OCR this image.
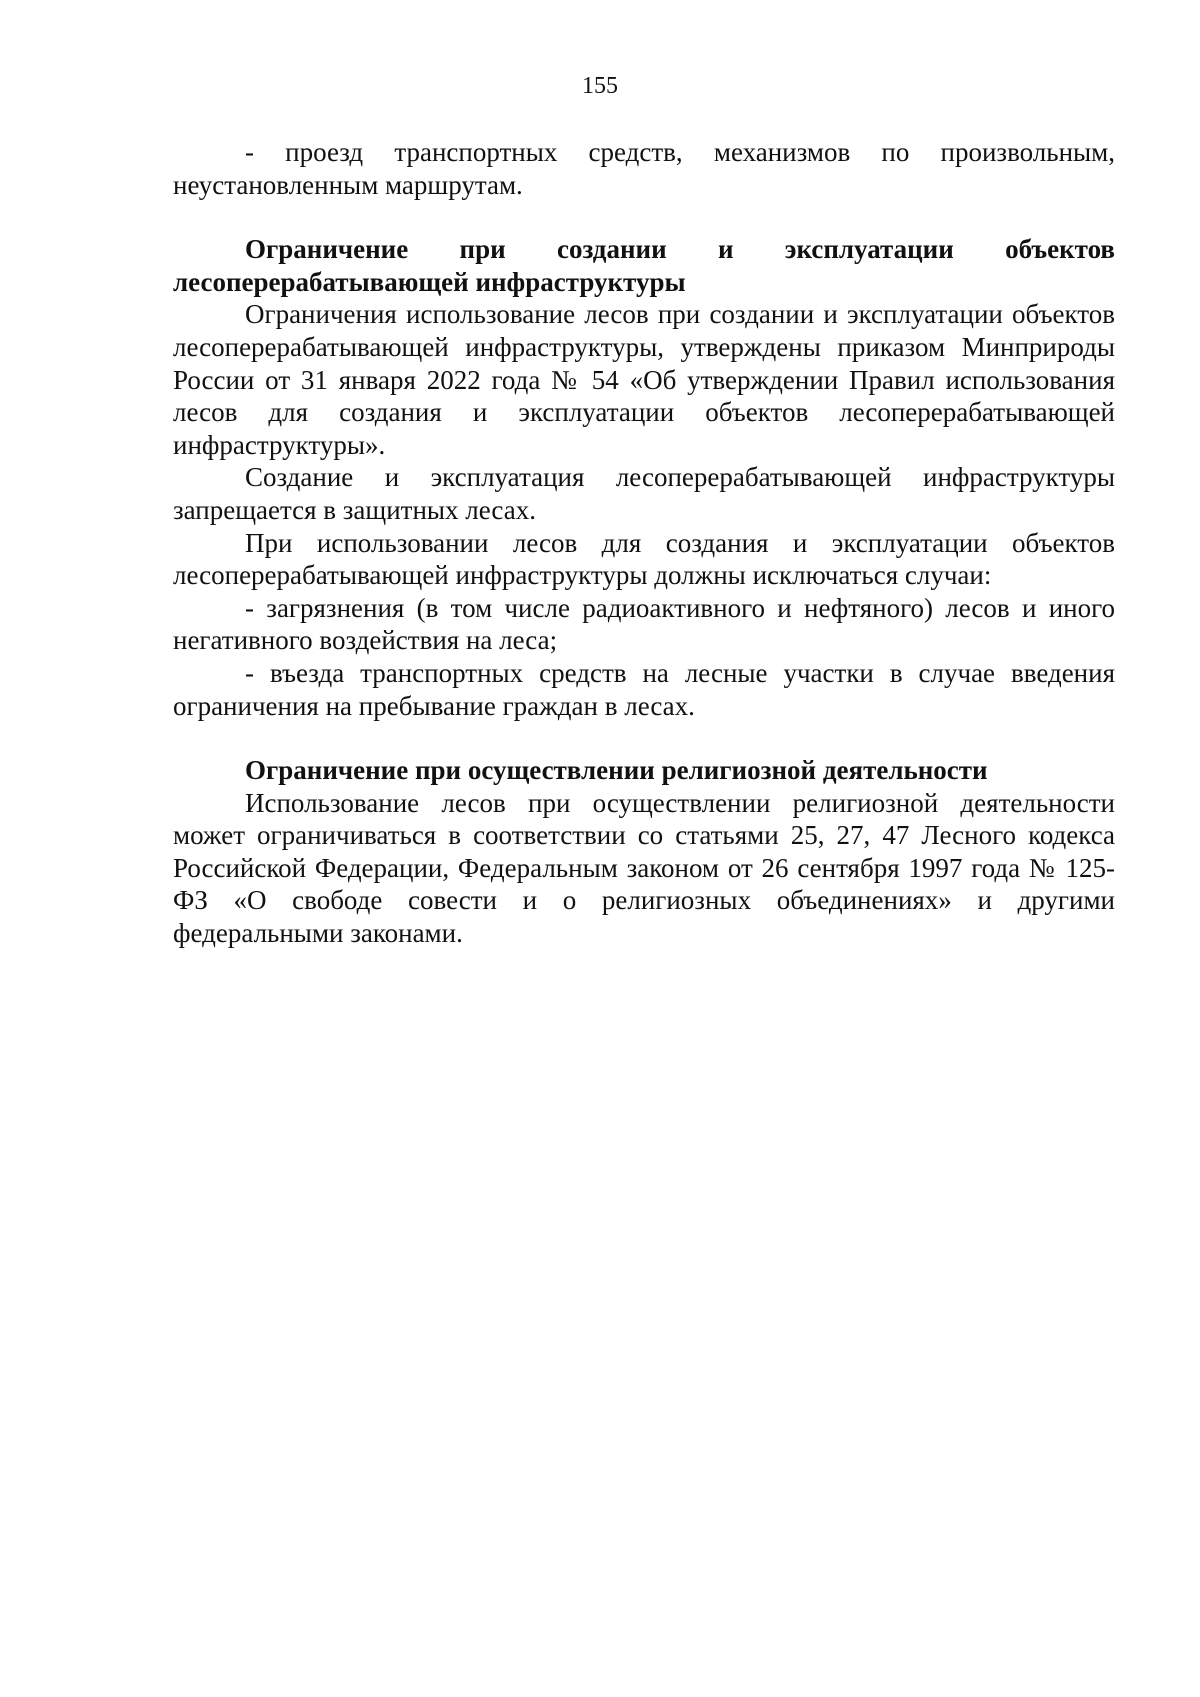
155

- проезд транспортных средств, механизмов по произвольным, неустановленным маршрутам.

Ограничение при создании и эксплуатации объектов лесоперерабатывающей инфраструктуры

Ограничения использование лесов при создании и эксплуатации объектов лесоперерабатывающей инфраструктуры, утверждены приказом Минприроды России от 31 января 2022 года № 54 «Об утверждении Правил использования лесов для создания и эксплуатации объектов лесоперерабатывающей инфраструктуры».

Создание и эксплуатация лесоперерабатывающей инфраструктуры запрещается в защитных лесах.

При использовании лесов для создания и эксплуатации объектов лесоперерабатывающей инфраструктуры должны исключаться случаи:

- загрязнения (в том числе радиоактивного и нефтяного) лесов и иного негативного воздействия на леса;

- въезда транспортных средств на лесные участки в случае введения ограничения на пребывание граждан в лесах.

Ограничение при осуществлении религиозной деятельности

Использование лесов при осуществлении религиозной деятельности может ограничиваться в соответствии со статьями 25, 27, 47 Лесного кодекса Российской Федерации, Федеральным законом от 26 сентября 1997 года № 125-ФЗ «О свободе совести и о религиозных объединениях» и другими федеральными законами.
